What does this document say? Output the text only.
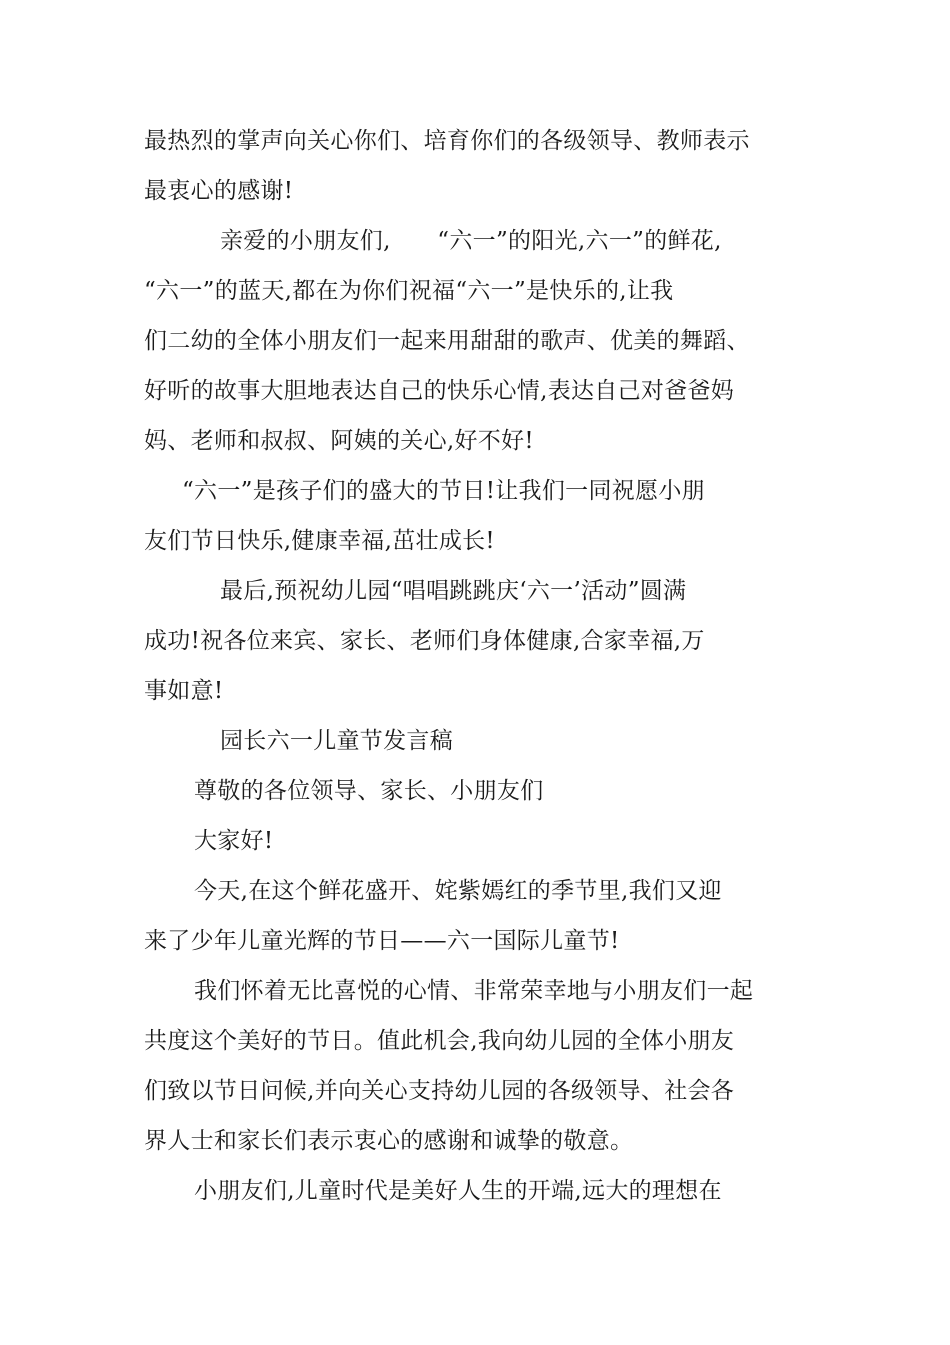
最热烈的掌声向关心你们、培育你们的各级领导、教师表示
最衷心的感谢!
亲爱的小朋友们,　　“六一”的阳光,六一”的鲜花,
“六一”的蓝天,都在为你们祝福“六一”是快乐的,让我
们二幼的全体小朋友们一起来用甜甜的歌声、优美的舞蹈、
好听的故事大胆地表达自己的快乐心情,表达自己对爸爸妈
妈、老师和叔叔、阿姨的关心,好不好!
“六一”是孩子们的盛大的节日!让我们一同祝愿小朋
友们节日快乐,健康幸福,茁壮成长!
最后,预祝幼儿园“唱唱跳跳庆‘六一’活动”圆满
成功!祝各位来宾、家长、老师们身体健康,合家幸福,万
事如意!
园长六一儿童节发言稿
尊敬的各位领导、家长、小朋友们
大家好!
今天,在这个鲜花盛开、姹紫嫣红的季节里,我们又迎
来了少年儿童光辉的节日——六一国际儿童节!
我们怀着无比喜悦的心情、非常荣幸地与小朋友们一起
共度这个美好的节日。值此机会,我向幼儿园的全体小朋友
们致以节日问候,并向关心支持幼儿园的各级领导、社会各
界人士和家长们表示衷心的感谢和诚挚的敬意。
小朋友们,儿童时代是美好人生的开端,远大的理想在
